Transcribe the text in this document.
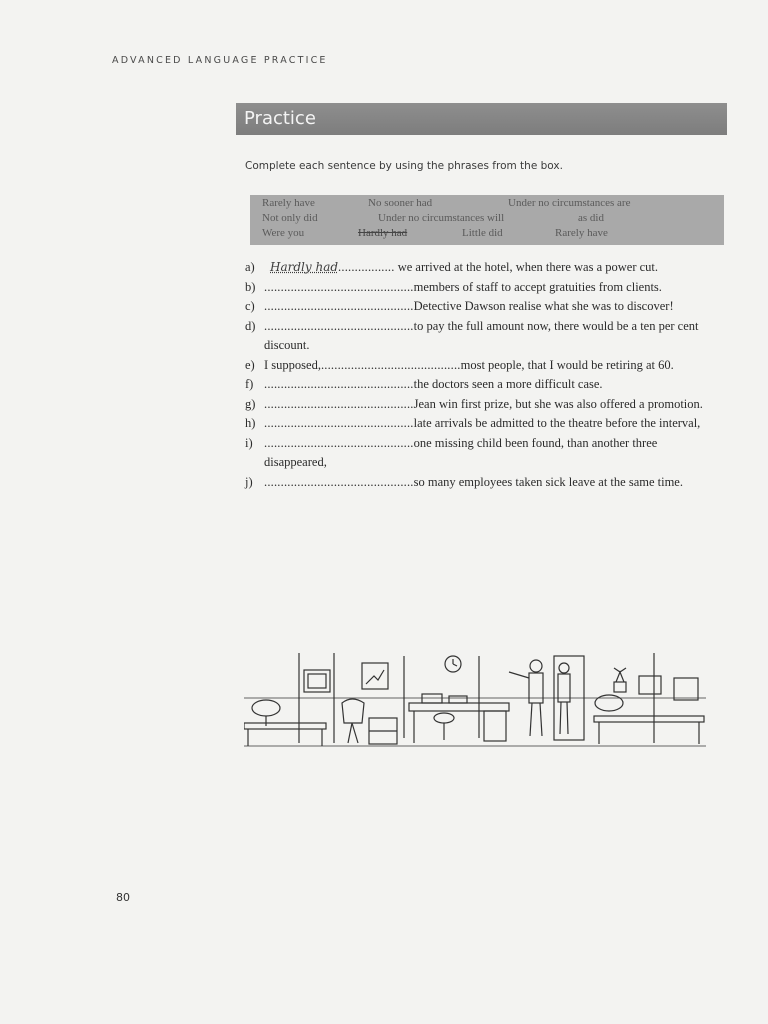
ADVANCED LANGUAGE PRACTICE
Practice
Complete each sentence by using the phrases from the box.
Rarely have	No sooner had	Under no circumstances are
Not only did	Under no circumstances will	as did
Were you	Hardly had	Little did	Rarely have
a) Hardly had................. we arrived at the hotel, when there was a power cut.
b) .............................................members of staff to accept gratuities from clients.
c) .............................................Detective Dawson realise what she was to discover!
d) .............................................to pay the full amount now, there would be a ten per cent discount.
e) I supposed,..........................................most people, that I would be retiring at 60.
f) .............................................the doctors seen a more difficult case.
g) .............................................Jean win first prize, but she was also offered a promotion.
h) .............................................late arrivals be admitted to the theatre before the interval,
i) .............................................one missing child been found, than another three disappeared,
j) .............................................so many employees taken sick leave at the same time.
80
